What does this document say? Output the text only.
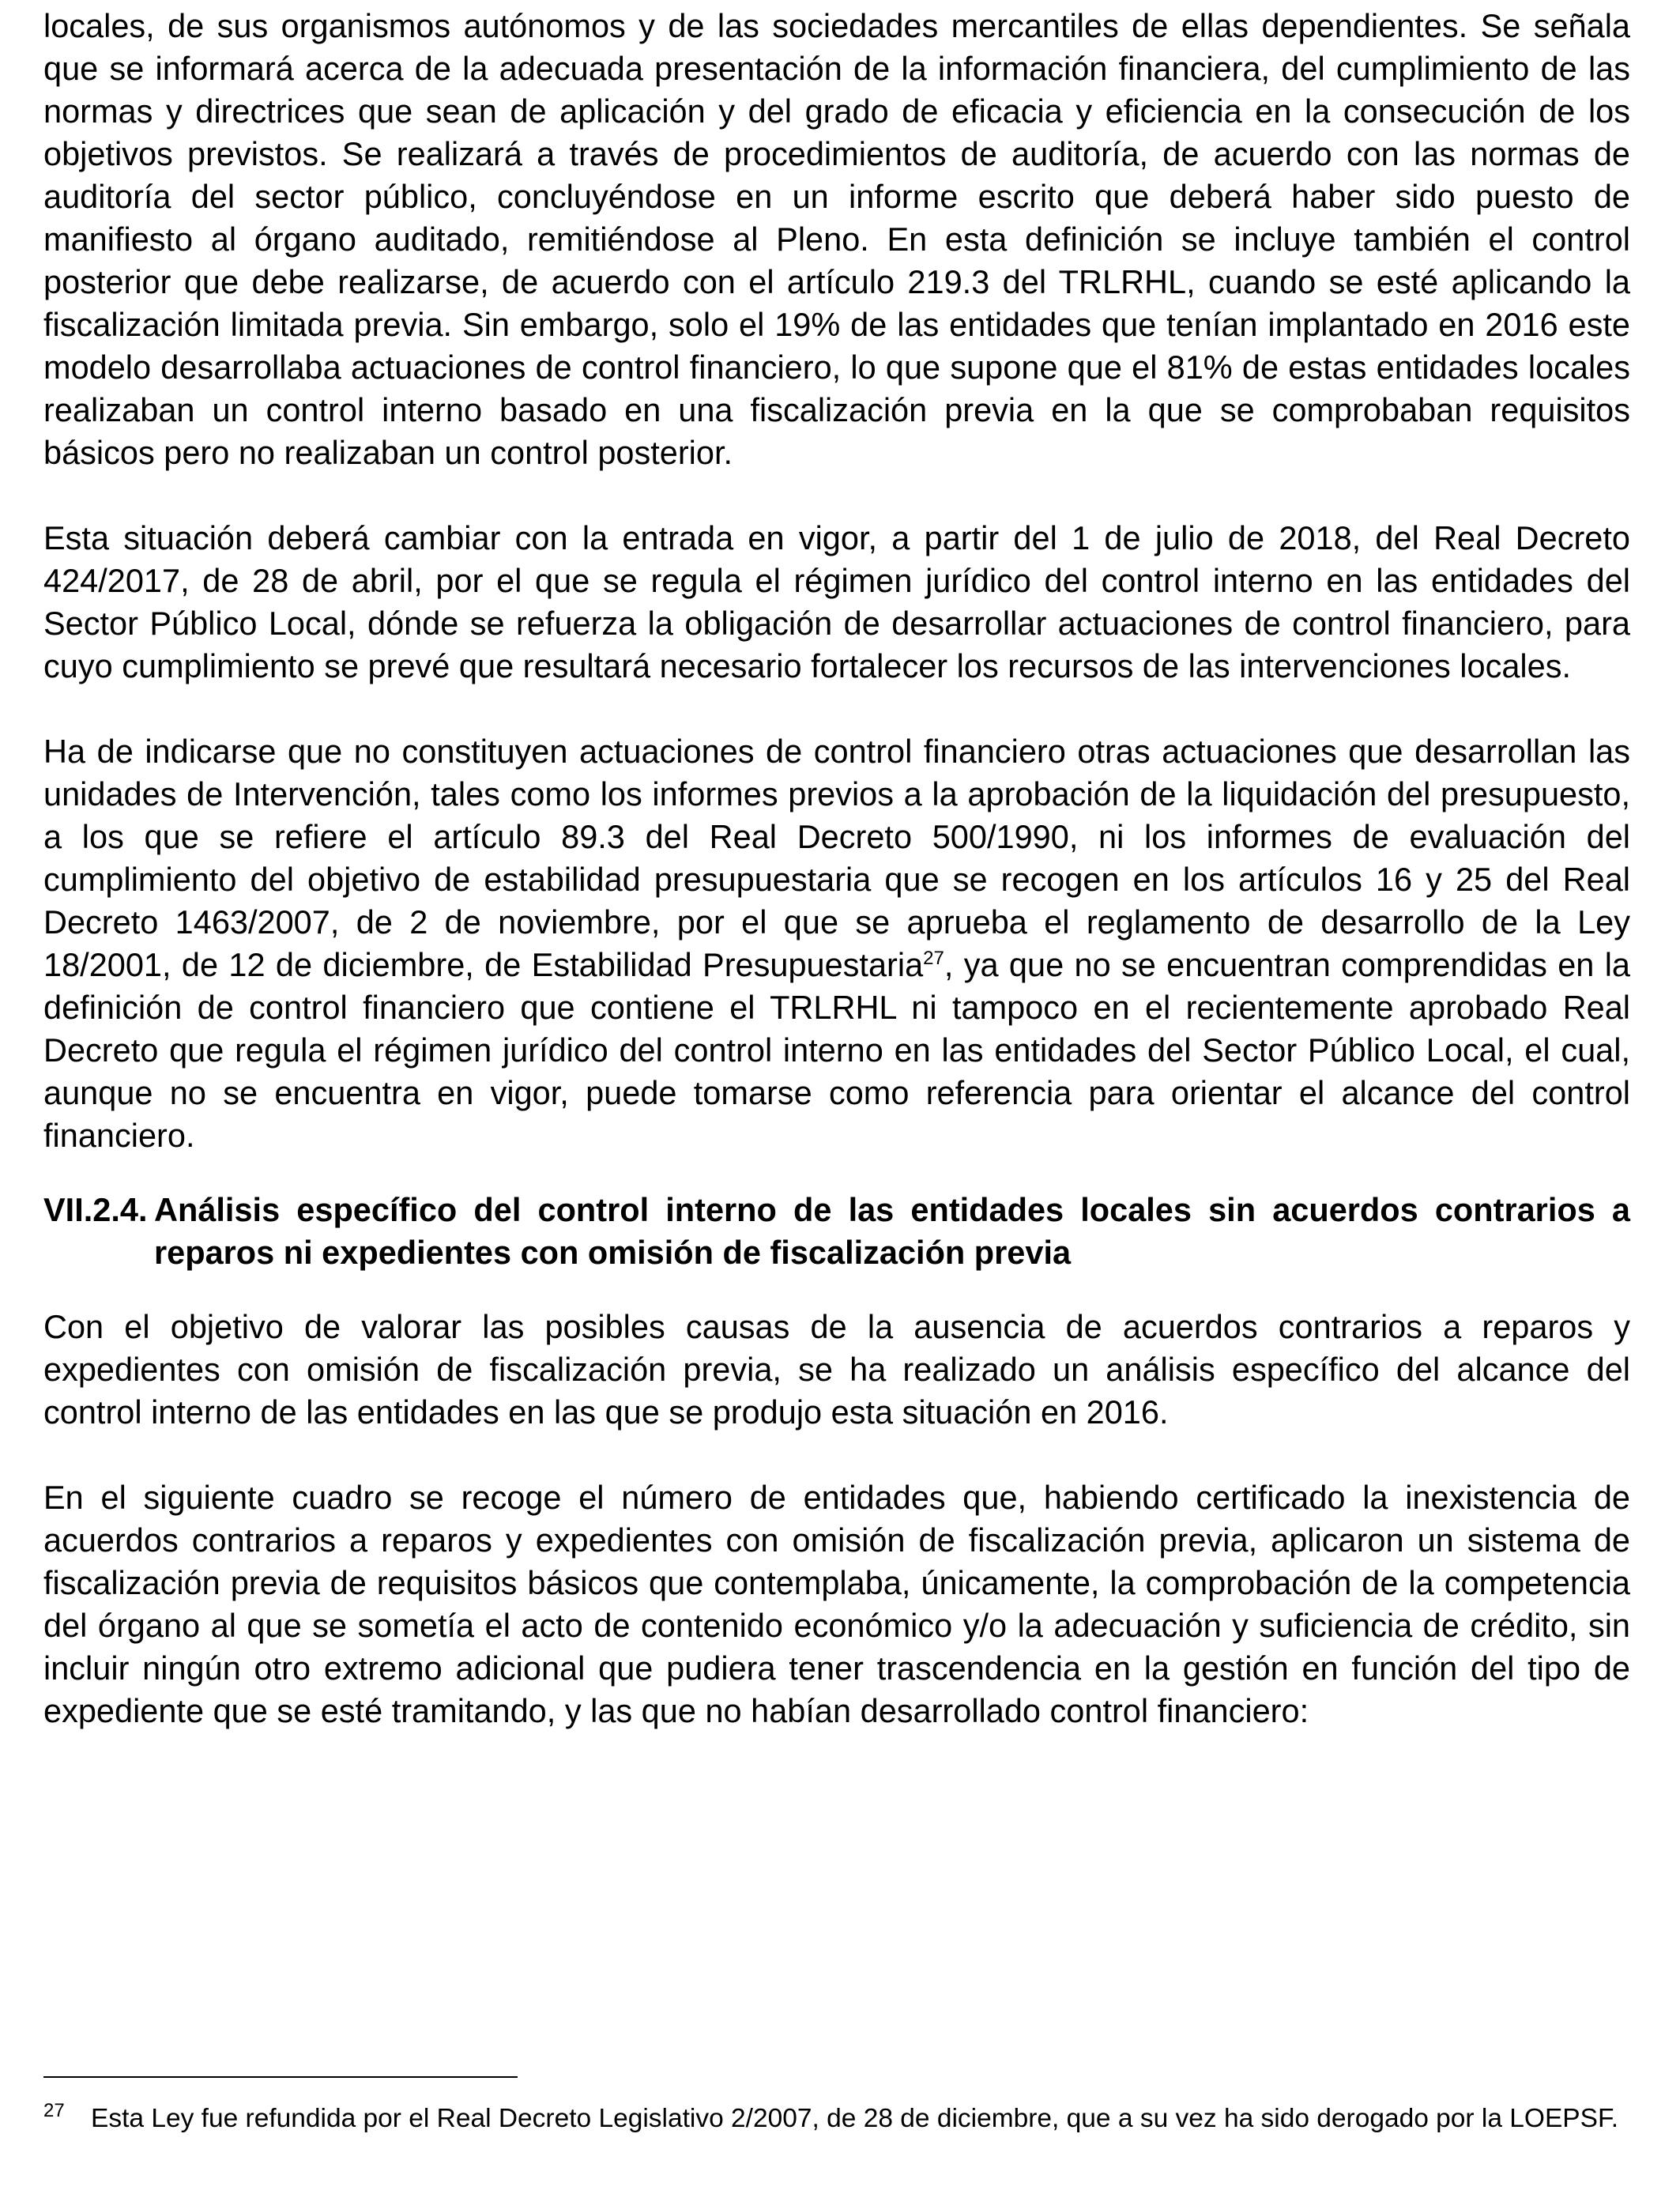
locales, de sus organismos autónomos y de las sociedades mercantiles de ellas dependientes. Se señala que se informará acerca de la adecuada presentación de la información financiera, del cumplimiento de las normas y directrices que sean de aplicación y del grado de eficacia y eficiencia en la consecución de los objetivos previstos. Se realizará a través de procedimientos de auditoría, de acuerdo con las normas de auditoría del sector público, concluyéndose en un informe escrito que deberá haber sido puesto de manifiesto al órgano auditado, remitiéndose al Pleno. En esta definición se incluye también el control posterior que debe realizarse, de acuerdo con el artículo 219.3 del TRLRHL, cuando se esté aplicando la fiscalización limitada previa. Sin embargo, solo el 19% de las entidades que tenían implantado en 2016 este modelo desarrollaba actuaciones de control financiero, lo que supone que el 81% de estas entidades locales realizaban un control interno basado en una fiscalización previa en la que se comprobaban requisitos básicos pero no realizaban un control posterior.

Esta situación deberá cambiar con la entrada en vigor, a partir del 1 de julio de 2018, del Real Decreto 424/2017, de 28 de abril, por el que se regula el régimen jurídico del control interno en las entidades del Sector Público Local, dónde se refuerza la obligación de desarrollar actuaciones de control financiero, para cuyo cumplimiento se prevé que resultará necesario fortalecer los recursos de las intervenciones locales.

Ha de indicarse que no constituyen actuaciones de control financiero otras actuaciones que desarrollan las unidades de Intervención, tales como los informes previos a la aprobación de la liquidación del presupuesto, a los que se refiere el artículo 89.3 del Real Decreto 500/1990, ni los informes de evaluación del cumplimiento del objetivo de estabilidad presupuestaria que se recogen en los artículos 16 y 25 del Real Decreto 1463/2007, de 2 de noviembre, por el que se aprueba el reglamento de desarrollo de la Ley 18/2001, de 12 de diciembre, de Estabilidad Presupuestaria$^{27}$, ya que no se encuentran comprendidas en la definición de control financiero que contiene el TRLRHL ni tampoco en el recientemente aprobado Real Decreto que regula el régimen jurídico del control interno en las entidades del Sector Público Local, el cual, aunque no se encuentra en vigor, puede tomarse como referencia para orientar el alcance del control financiero.

VII.2.4. Análisis específico del control interno de las entidades locales sin acuerdos contrarios a reparos ni expedientes con omisión de fiscalización previa

Con el objetivo de valorar las posibles causas de la ausencia de acuerdos contrarios a reparos y expedientes con omisión de fiscalización previa, se ha realizado un análisis específico del alcance del control interno de las entidades en las que se produjo esta situación en 2016.

En el siguiente cuadro se recoge el número de entidades que, habiendo certificado la inexistencia de acuerdos contrarios a reparos y expedientes con omisión de fiscalización previa, aplicaron un sistema de fiscalización previa de requisitos básicos que contemplaba, únicamente, la comprobación de la competencia del órgano al que se sometía el acto de contenido económico y/o la adecuación y suficiencia de crédito, sin incluir ningún otro extremo adicional que pudiera tener trascendencia en la gestión en función del tipo de expediente que se esté tramitando, y las que no habían desarrollado control financiero:

27 Esta Ley fue refundida por el Real Decreto Legislativo 2/2007, de 28 de diciembre, que a su vez ha sido derogado por la LOEPSF.
